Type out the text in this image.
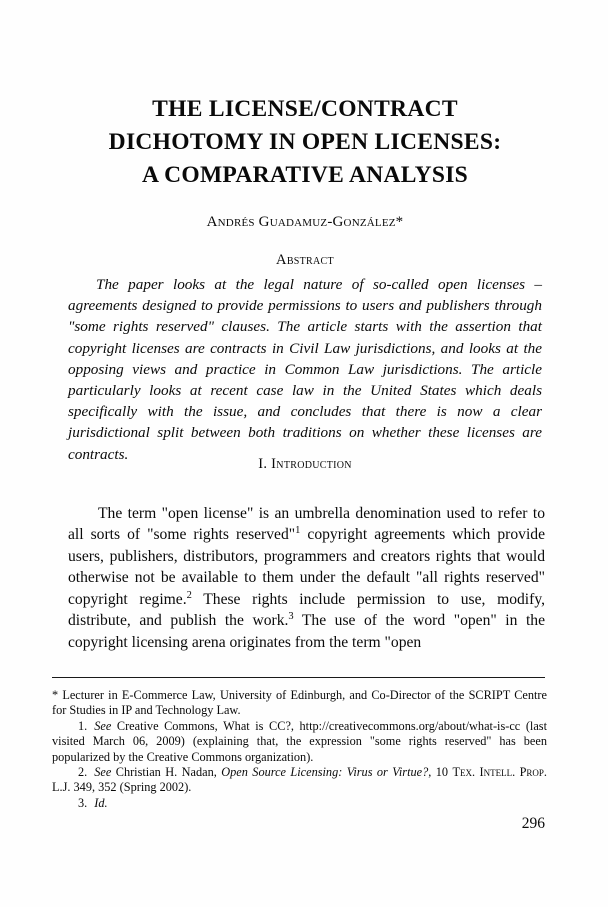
THE LICENSE/CONTRACT
DICHOTOMY IN OPEN LICENSES:
A COMPARATIVE ANALYSIS
Andrés Guadamuz-González*
Abstract
The paper looks at the legal nature of so-called open licenses – agreements designed to provide permissions to users and publishers through "some rights reserved" clauses. The article starts with the assertion that copyright licenses are contracts in Civil Law jurisdictions, and looks at the opposing views and practice in Common Law jurisdictions. The article particularly looks at recent case law in the United States which deals specifically with the issue, and concludes that there is now a clear jurisdictional split between both traditions on whether these licenses are contracts.
I. Introduction

The term "open license" is an umbrella denomination used to refer to all sorts of "some rights reserved"$^1$ copyright agreements which provide users, publishers, distributors, programmers and creators rights that would otherwise not be available to them under the default "all rights reserved" copyright regime.$^2$ These rights include permission to use, modify, distribute, and publish the work.$^3$ The use of the word "open" in the copyright licensing arena originates from the term "open

* Lecturer in E-Commerce Law, University of Edinburgh, and Co-Director of the SCRIPT Centre for Studies in IP and Technology Law.

1. See Creative Commons, What is CC?, http://creativecommons.org/about/what-is-cc (last visited March 06, 2009) (explaining that, the expression "some rights reserved" has been popularized by the Creative Commons organization).

2. See Christian H. Nadan, Open Source Licensing: Virus or Virtue?, 10 Tex. Intell. Prop. L.J. 349, 352 (Spring 2002).

3. Id.

296
